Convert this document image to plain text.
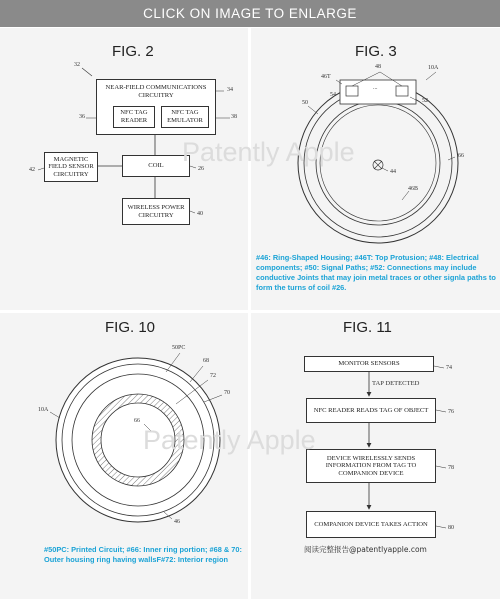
CLICK ON IMAGE TO ENLARGE
FIG. 2
32
NEAR-FIELD COMMUNICATIONS CIRCUITRY
34
NFC TAG READER
36
NFC TAG EMULATOR	38
MAGNETIC FIELD SENSOR CIRCUITRY
42
COIL	26
WIRELESS POWER CIRCUITRY	40
FIG. 3
10A
46T
48
50	52
54
...
44
46B
66
#46: Ring-Shaped Housing; #46T: Top Protusion; #48: Electrical components; #50: Signal Paths; #52: Connections may include conductive Joints that may join metal traces or other signla paths to form the turns of coil #26.
FIG. 10
50PC
68
72
70
10A
66
46
#50PC: Printed Circuit; #66: Inner ring portion; #68 & 70: Outer housing ring having wallsF#72: Interior region
FIG. 11
MONITOR SENSORS
74
TAP DETECTED
NFC READER READS TAG OF OBJECT	76
DEVICE WIRELESSLY SENDS INFORMATION FROM TAG TO COMPANION DEVICE
78
COMPANION DEVICE TAKES ACTION
80
阅读完整报告@patentlyapple.com
Patently Apple
Patently Apple
